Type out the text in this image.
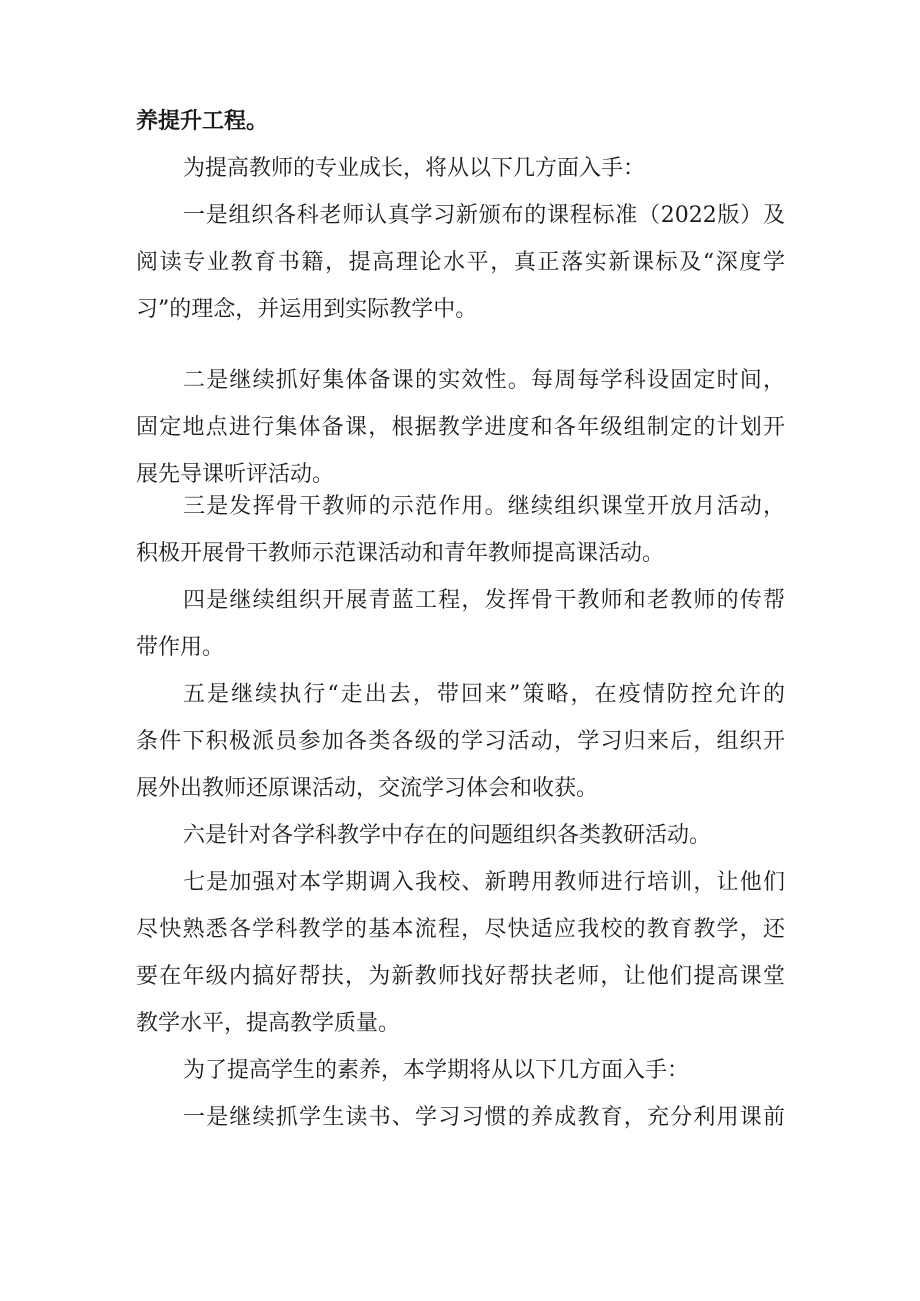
养提升工程。
为提高教师的专业成长，将从以下几方面入手：
一是组织各科老师认真学习新颁布的课程标准（2022版）及
阅读专业教育书籍，提高理论水平，真正落实新课标及“深度学
习”的理念，并运用到实际教学中。
二是继续抓好集体备课的实效性。每周每学科设固定时间，
固定地点进行集体备课，根据教学进度和各年级组制定的计划开
展先导课听评活动。
三是发挥骨干教师的示范作用。继续组织课堂开放月活动，
积极开展骨干教师示范课活动和青年教师提高课活动。
四是继续组织开展青蓝工程，发挥骨干教师和老教师的传帮
带作用。
五是继续执行“走出去，带回来”策略，在疫情防控允许的
条件下积极派员参加各类各级的学习活动，学习归来后，组织开
展外出教师还原课活动，交流学习体会和收获。
六是针对各学科教学中存在的问题组织各类教研活动。
七是加强对本学期调入我校、新聘用教师进行培训，让他们
尽快熟悉各学科教学的基本流程，尽快适应我校的教育教学，还
要在年级内搞好帮扶，为新教师找好帮扶老师，让他们提高课堂
教学水平，提高教学质量。
为了提高学生的素养，本学期将从以下几方面入手：
一是继续抓学生读书、学习习惯的养成教育，充分利用课前
